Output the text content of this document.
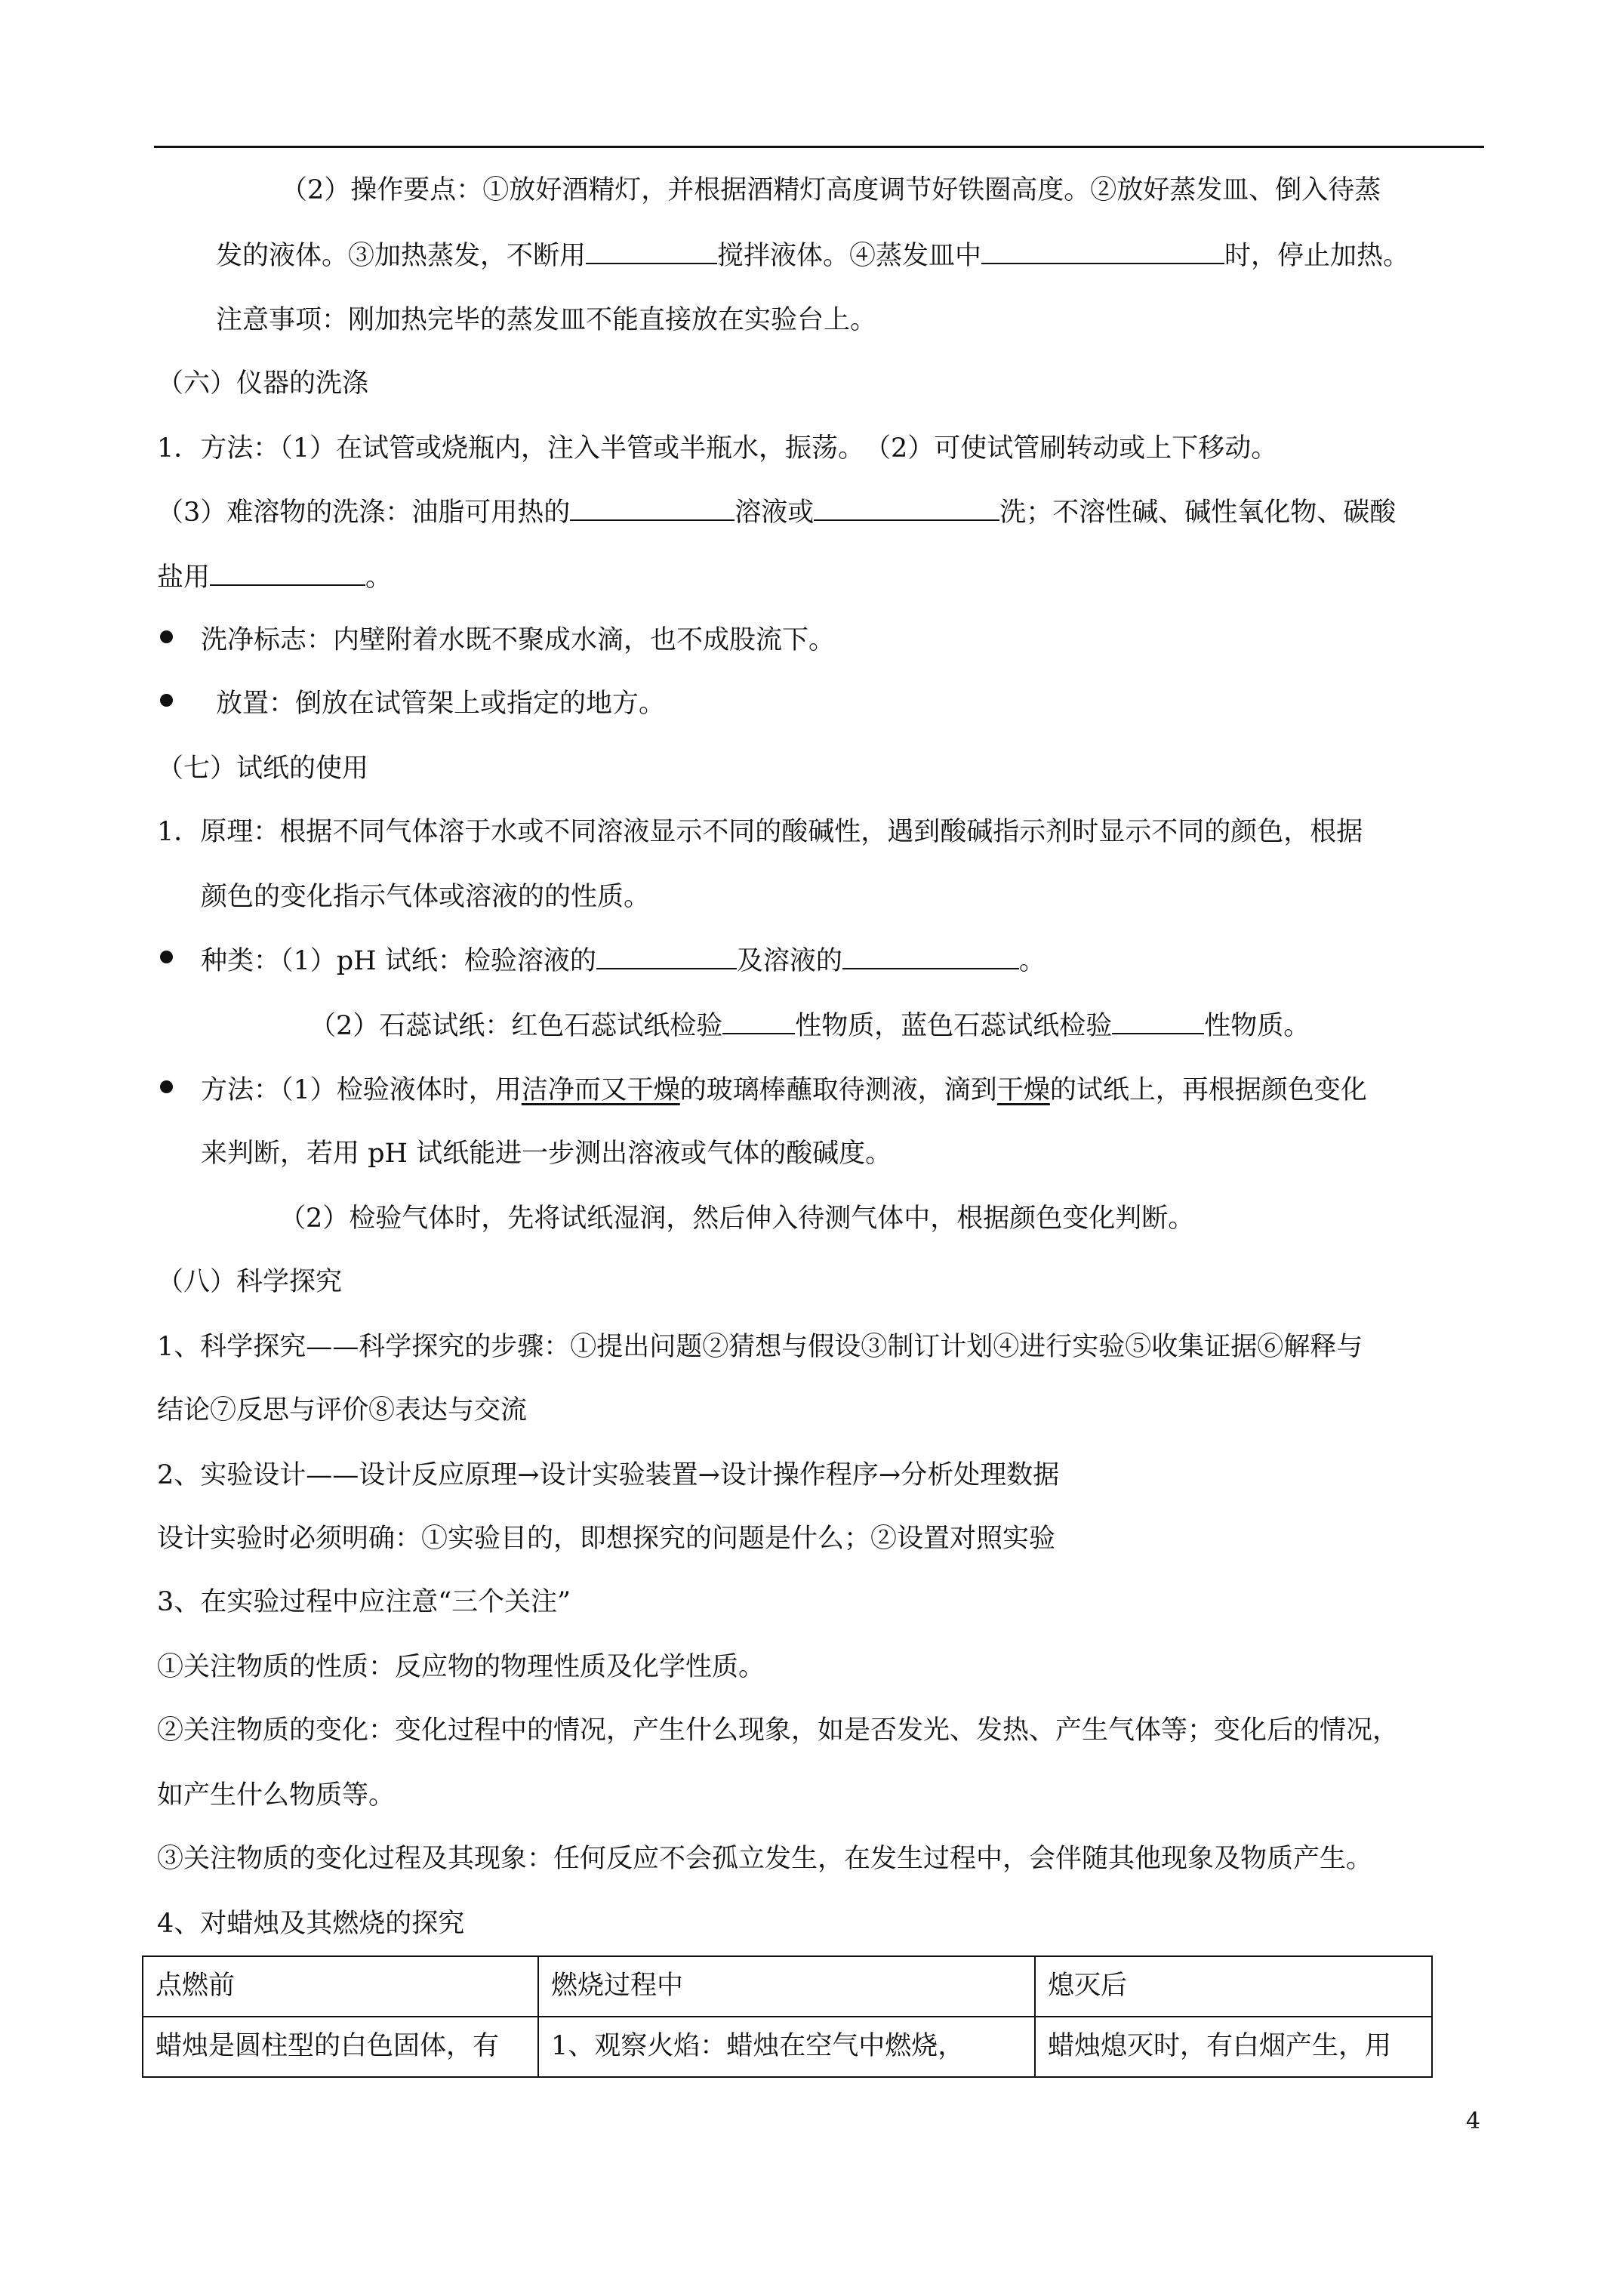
（2）操作要点：①放好酒精灯，并根据酒精灯高度调节好铁圈高度。②放好蒸发皿、倒入待蒸
发的液体。③加热蒸发，不断用	搅拌液体。④蒸发皿中	时，停止加热。
注意事项：刚加热完毕的蒸发皿不能直接放在实验台上。
（六）仪器的洗涤
1．方法：（1）在试管或烧瓶内，注入半管或半瓶水，振荡。　（2）可使试管刷转动或上下移动。
（3）难溶物的洗涤：油脂可用热的	溶液或	洗；不溶性碱、碱性氧化物、碳酸
盐用	。
洗净标志：内壁附着水既不聚成水滴，也不成股流下。
放置：倒放在试管架上或指定的地方。
（七）试纸的使用
1．原理：根据不同气体溶于水或不同溶液显示不同的酸碱性，遇到酸碱指示剂时显示不同的颜色，根据
颜色的变化指示气体或溶液的的性质。
种类：（1）pH 试纸：检验溶液的	及溶液的	。
（2）石蕊试纸：红色石蕊试纸检验	性物质，蓝色石蕊试纸检验	性物质。
方法：（1）检验液体时，用洁净而又干燥的玻璃棒蘸取待测液，滴到干燥的试纸上，再根据颜色变化
来判断，若用 pH 试纸能进一步测出溶液或气体的酸碱度。
（2）检验气体时，先将试纸湿润，然后伸入待测气体中，根据颜色变化判断。
（八）科学探究
1、科学探究——科学探究的步骤：①提出问题②猜想与假设③制订计划④进行实验⑤收集证据⑥解释与
结论⑦反思与评价⑧表达与交流
2、实验设计——设计反应原理→设计实验装置→设计操作程序→分析处理数据
设计实验时必须明确：①实验目的，即想探究的问题是什么；②设置对照实验
3、在实验过程中应注意“三个关注”
①关注物质的性质：反应物的物理性质及化学性质。
②关注物质的变化：变化过程中的情况，产生什么现象，如是否发光、发热、产生气体等；变化后的情况，
如产生什么物质等。
③关注物质的变化过程及其现象：任何反应不会孤立发生，在发生过程中，会伴随其他现象及物质产生。
4、对蜡烛及其燃烧的探究
点燃前	燃烧过程中	熄灭后
蜡烛是圆柱型的白色固体，有	1、观察火焰：蜡烛在空气中燃烧，	蜡烛熄灭时，有白烟产生，用
4
